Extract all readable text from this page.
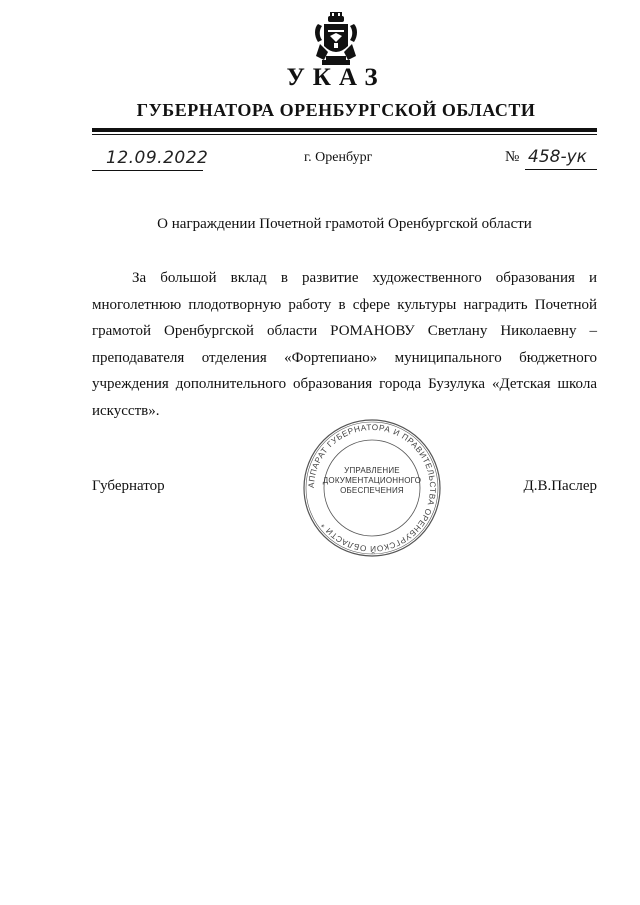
УКАЗ
ГУБЕРНАТОРА ОРЕНБУРГСКОЙ ОБЛАСТИ
12.09.2022	г. Оренбург	№ 458-ук
О награждении Почетной грамотой Оренбургской области

За большой вклад в развитие художественного образования и многолетнюю плодотворную работу в сфере культуры наградить Почетной грамотой Оренбургской области РОМАНОВУ Светлану Николаевну – преподавателя отделения «Фортепиано» муниципального бюджетного учреждения дополнительного образования города Бузулука «Детская школа искусств».

Губернатор	Д.В.Паслер
АППАРАТ ГУБЕРНАТОРА И ПРАВИТЕЛЬСТВА ОРЕНБУРГСКОЙ ОБЛАСТИ *
УПРАВЛЕНИЕ
ДОКУМЕНТАЦИОННОГО
ОБЕСПЕЧЕНИЯ
